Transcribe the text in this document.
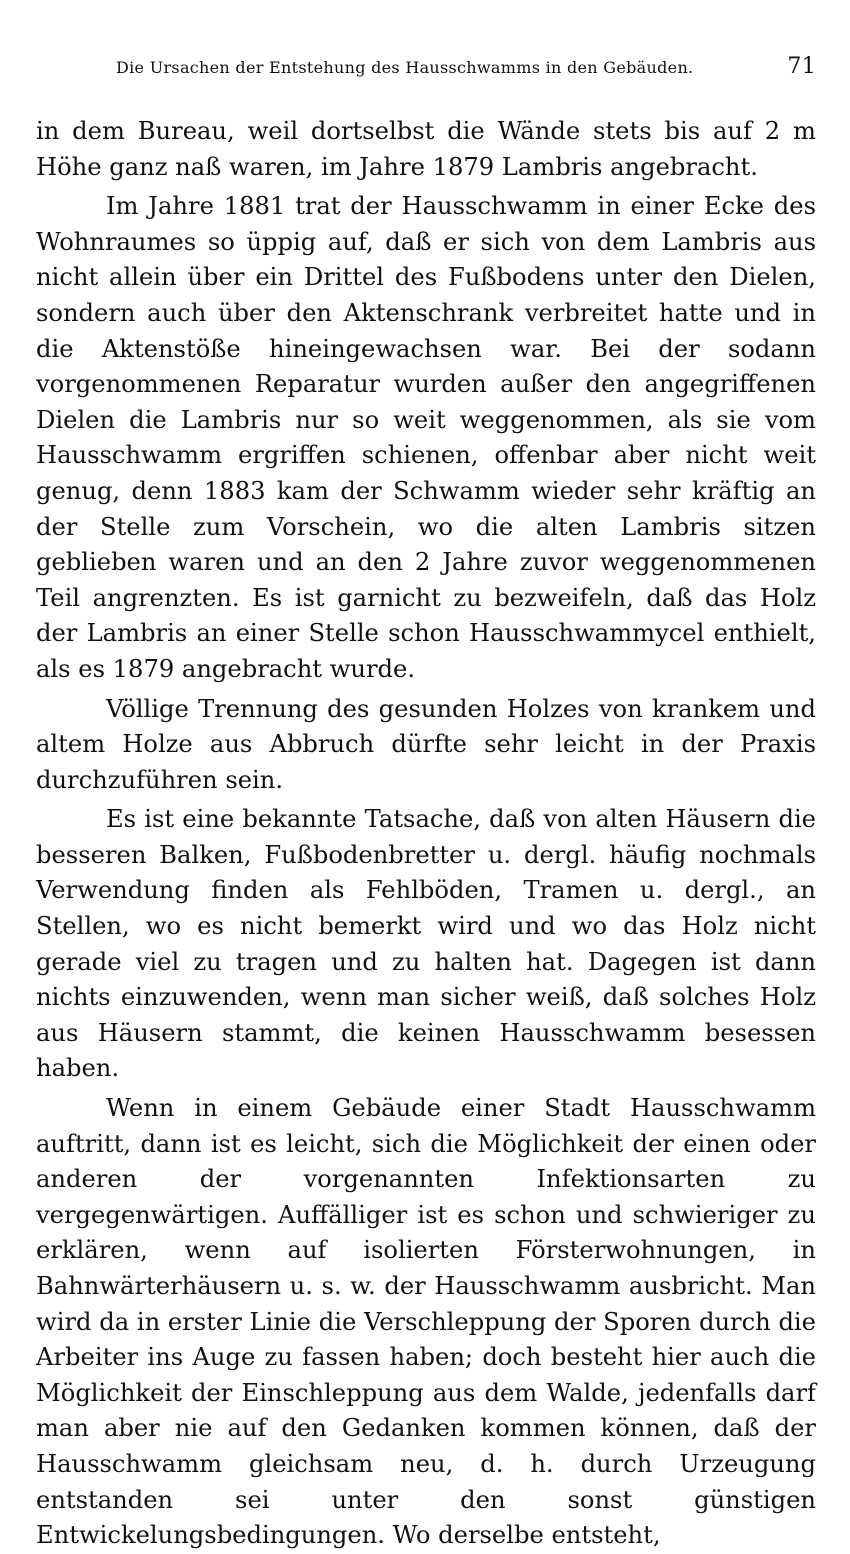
Die Ursachen der Entstehung des Hausschwamms in den Gebäuden.	71

in dem Bureau, weil dortselbst die Wände stets bis auf 2 m Höhe ganz naß waren, im Jahre 1879 Lambris angebracht.

Im Jahre 1881 trat der Hausschwamm in einer Ecke des Wohnraumes so üppig auf, daß er sich von dem Lambris aus nicht allein über ein Drittel des Fußbodens unter den Dielen, sondern auch über den Aktenschrank verbreitet hatte und in die Aktenstöße hineingewachsen war. Bei der sodann vorgenommenen Reparatur wurden außer den angegriffenen Dielen die Lambris nur so weit weggenommen, als sie vom Hausschwamm ergriffen schienen, offenbar aber nicht weit genug, denn 1883 kam der Schwamm wieder sehr kräftig an der Stelle zum Vorschein, wo die alten Lambris sitzen geblieben waren und an den 2 Jahre zuvor weggenommenen Teil angrenzten. Es ist garnicht zu bezweifeln, daß das Holz der Lambris an einer Stelle schon Hausschwammycel enthielt, als es 1879 angebracht wurde.

Völlige Trennung des gesunden Holzes von krankem und altem Holze aus Abbruch dürfte sehr leicht in der Praxis durchzuführen sein.

Es ist eine bekannte Tatsache, daß von alten Häusern die besseren Balken, Fußbodenbretter u. dergl. häufig nochmals Verwendung finden als Fehlböden, Tramen u. dergl., an Stellen, wo es nicht bemerkt wird und wo das Holz nicht gerade viel zu tragen und zu halten hat. Dagegen ist dann nichts einzuwenden, wenn man sicher weiß, daß solches Holz aus Häusern stammt, die keinen Hausschwamm besessen haben.

Wenn in einem Gebäude einer Stadt Hausschwamm auftritt, dann ist es leicht, sich die Möglichkeit der einen oder anderen der vorgenannten Infektionsarten zu vergegenwärtigen. Auffälliger ist es schon und schwieriger zu erklären, wenn auf isolierten Försterwohnungen, in Bahnwärterhäusern u. s. w. der Hausschwamm ausbricht. Man wird da in erster Linie die Verschleppung der Sporen durch die Arbeiter ins Auge zu fassen haben; doch besteht hier auch die Möglichkeit der Einschleppung aus dem Walde, jedenfalls darf man aber nie auf den Gedanken kommen können, daß der Hausschwamm gleichsam neu, d. h. durch Urzeugung entstanden sei unter den sonst günstigen Entwickelungsbedingungen. Wo derselbe entsteht,
